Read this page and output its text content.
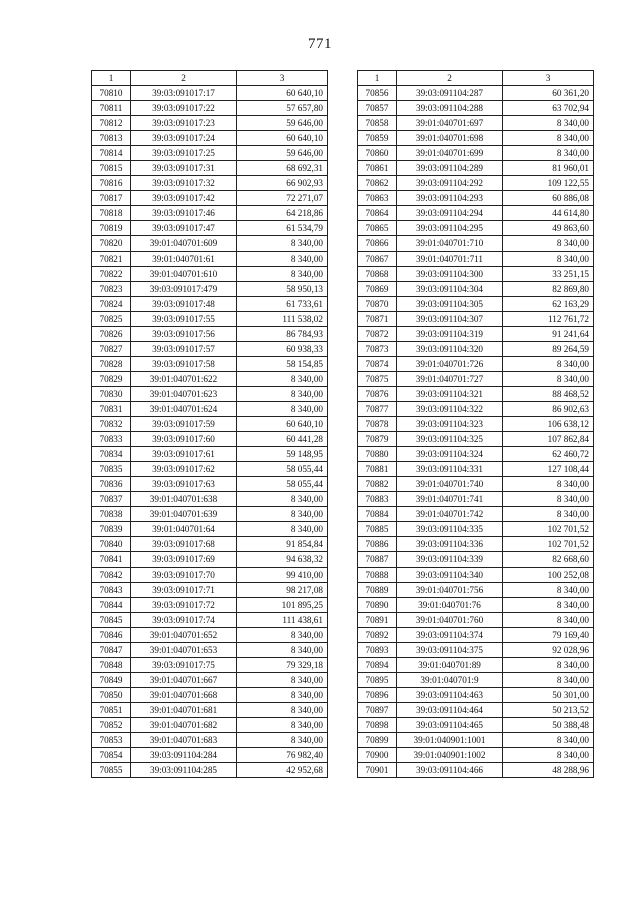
771
1	2	3
70810	39:03:091017:17	60 640,10
70811	39:03:091017:22	57 657,80
70812	39:03:091017:23	59 646,00
70813	39:03:091017:24	60 640,10
70814	39:03:091017:25	59 646,00
70815	39:03:091017:31	68 692,31
70816	39:03:091017:32	66 902,93
70817	39:03:091017:42	72 271,07
70818	39:03:091017:46	64 218,86
70819	39:03:091017:47	61 534,79
70820	39:01:040701:609	8 340,00
70821	39:01:040701:61	8 340,00
70822	39:01:040701:610	8 340,00
70823	39:03:091017:479	58 950,13
70824	39:03:091017:48	61 733,61
70825	39:03:091017:55	111 538,02
70826	39:03:091017:56	86 784,93
70827	39:03:091017:57	60 938,33
70828	39:03:091017:58	58 154,85
70829	39:01:040701:622	8 340,00
70830	39:01:040701:623	8 340,00
70831	39:01:040701:624	8 340,00
70832	39:03:091017:59	60 640,10
70833	39:03:091017:60	60 441,28
70834	39:03:091017:61	59 148,95
70835	39:03:091017:62	58 055,44
70836	39:03:091017:63	58 055,44
70837	39:01:040701:638	8 340,00
70838	39:01:040701:639	8 340,00
70839	39:01:040701:64	8 340,00
70840	39:03:091017:68	91 854,84
70841	39:03:091017:69	94 638,32
70842	39:03:091017:70	99 410,00
70843	39:03:091017:71	98 217,08
70844	39:03:091017:72	101 895,25
70845	39:03:091017:74	111 438,61
70846	39:01:040701:652	8 340,00
70847	39:01:040701:653	8 340,00
70848	39:03:091017:75	79 329,18
70849	39:01:040701:667	8 340,00
70850	39:01:040701:668	8 340,00
70851	39:01:040701:681	8 340,00
70852	39:01:040701:682	8 340,00
70853	39:01:040701:683	8 340,00
70854	39:03:091104:284	76 982,40
70855	39:03:091104:285	42 952,68
1	2	3
70856	39:03:091104:287	60 361,20
70857	39:03:091104:288	63 702,94
70858	39:01:040701:697	8 340,00
70859	39:01:040701:698	8 340,00
70860	39:01:040701:699	8 340,00
70861	39:03:091104:289	81 960,01
70862	39:03:091104:292	109 122,55
70863	39:03:091104:293	60 886,08
70864	39:03:091104:294	44 614,80
70865	39:03:091104:295	49 863,60
70866	39:01:040701:710	8 340,00
70867	39:01:040701:711	8 340,00
70868	39:03:091104:300	33 251,15
70869	39:03:091104:304	82 869,80
70870	39:03:091104:305	62 163,29
70871	39:03:091104:307	112 761,72
70872	39:03:091104:319	91 241,64
70873	39:03:091104:320	89 264,59
70874	39:01:040701:726	8 340,00
70875	39:01:040701:727	8 340,00
70876	39:03:091104:321	88 468,52
70877	39:03:091104:322	86 902,63
70878	39:03:091104:323	106 638,12
70879	39:03:091104:325	107 862,84
70880	39:03:091104:324	62 460,72
70881	39:03:091104:331	127 108,44
70882	39:01:040701:740	8 340,00
70883	39:01:040701:741	8 340,00
70884	39:01:040701:742	8 340,00
70885	39:03:091104:335	102 701,52
70886	39:03:091104:336	102 701,52
70887	39:03:091104:339	82 668,60
70888	39:03:091104:340	100 252,08
70889	39:01:040701:756	8 340,00
70890	39:01:040701:76	8 340,00
70891	39:01:040701:760	8 340,00
70892	39:03:091104:374	79 169,40
70893	39:03:091104:375	92 028,96
70894	39:01:040701:89	8 340,00
70895	39:01:040701:9	8 340,00
70896	39:03:091104:463	50 301,00
70897	39:03:091104:464	50 213,52
70898	39:03:091104:465	50 388,48
70899	39:01:040901:1001	8 340,00
70900	39:01:040901:1002	8 340,00
70901	39:03:091104:466	48 288,96
